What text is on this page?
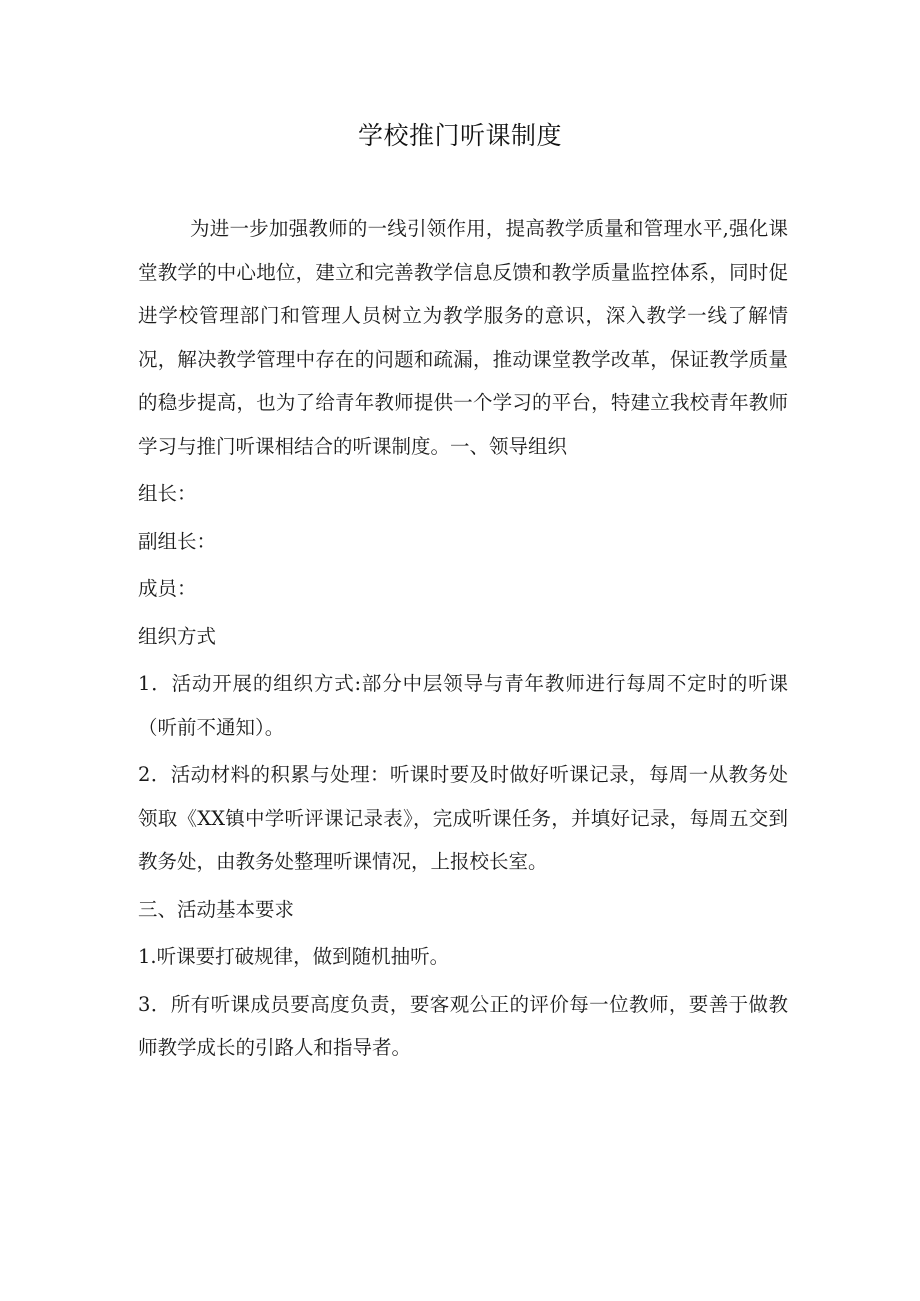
学校推门听课制度

为进一步加强教师的一线引领作用，提高教学质量和管理水平,强化课堂教学的中心地位，建立和完善教学信息反馈和教学质量监控体系，同时促进学校管理部门和管理人员树立为教学服务的意识，深入教学一线了解情况，解决教学管理中存在的问题和疏漏，推动课堂教学改革，保证教学质量的稳步提高，也为了给青年教师提供一个学习的平台，特建立我校青年教师学习与推门听课相结合的听课制度。一、领导组织

组长：

副组长：

成员：

组织方式

1．活动开展的组织方式:部分中层领导与青年教师进行每周不定时的听课（听前不通知）。

2．活动材料的积累与处理：听课时要及时做好听课记录，每周一从教务处领取《XX镇中学听评课记录表》，完成听课任务，并填好记录，每周五交到教务处，由教务处整理听课情况，上报校长室。

三、活动基本要求

1.听课要打破规律，做到随机抽听。

3．所有听课成员要高度负责，要客观公正的评价每一位教师，要善于做教师教学成长的引路人和指导者。
